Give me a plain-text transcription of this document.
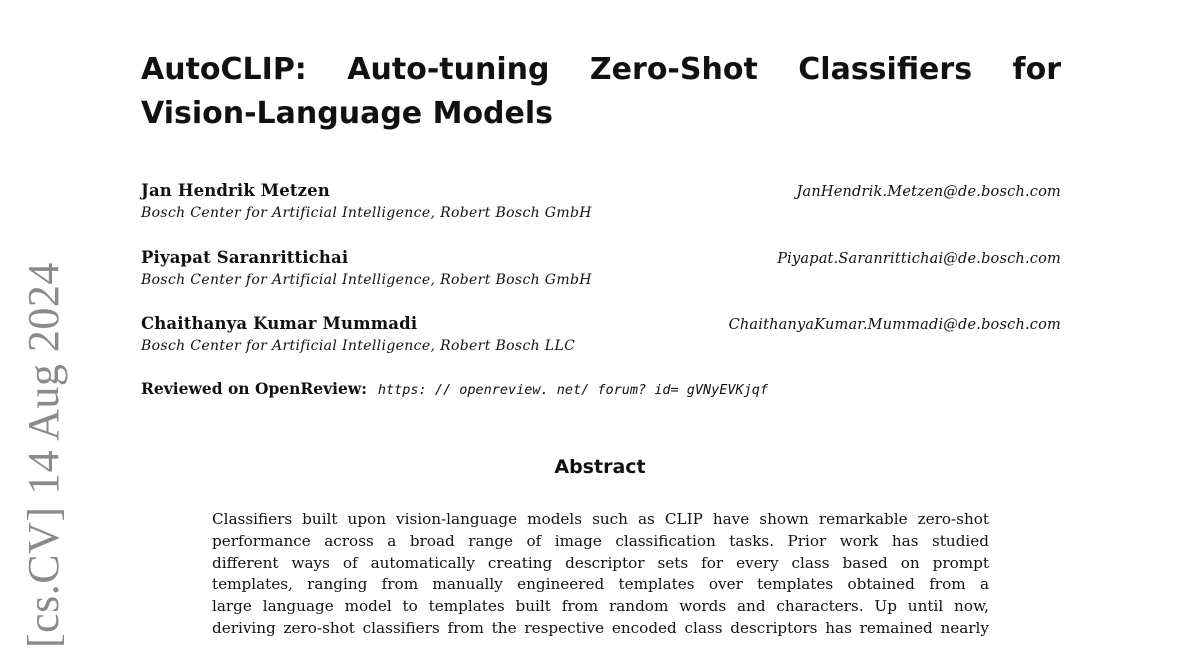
[cs.CV] 14 Aug 2024
AutoCLIP: Auto-tuning Zero-Shot Classifiers for Vision-Language Models
Jan Hendrik Metzen	JanHendrik.Metzen@de.bosch.com
Bosch Center for Artificial Intelligence, Robert Bosch GmbH
Piyapat Saranrittichai	Piyapat.Saranrittichai@de.bosch.com
Bosch Center for Artificial Intelligence, Robert Bosch GmbH
Chaithanya Kumar Mummadi	ChaithanyaKumar.Mummadi@de.bosch.com
Bosch Center for Artificial Intelligence, Robert Bosch LLC
Reviewed on OpenReview: https: // openreview. net/ forum? id= gVNyEVKjqf
Abstract
Classifiers built upon vision-language models such as CLIP have shown remarkable zero-shot
performance across a broad range of image classification tasks. Prior work has studied
different ways of automatically creating descriptor sets for every class based on prompt
templates, ranging from manually engineered templates over templates obtained from a
large language model to templates built from random words and characters. Up until now,
deriving zero-shot classifiers from the respective encoded class descriptors has remained nearly
